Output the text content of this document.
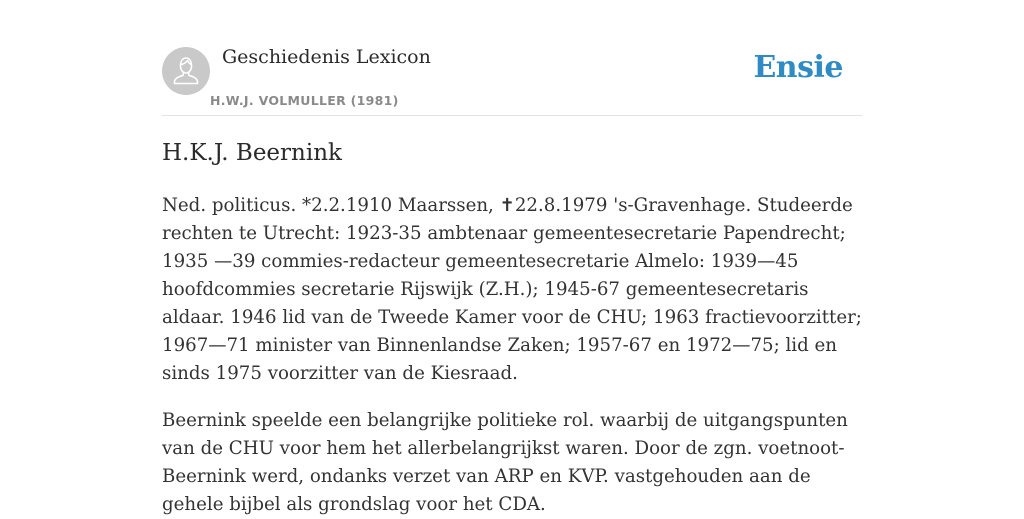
Geschiedenis Lexicon
H.W.J. VOLMULLER (1981)
Ensie
H.K.J. Beernink

Ned. politicus. *2.2.1910 Maarssen, ✝22.8.1979 's-Gravenhage. Studeerde rechten te Utrecht: 1923-35 ambtenaar gemeentesecretarie Papendrecht; 1935 —39 commies-redacteur gemeentesecretarie Almelo: 1939—45 hoofdcommies secretarie Rijswijk (Z.H.); 1945-67 gemeentesecretaris aldaar. 1946 lid van de Tweede Kamer voor de CHU; 1963 fractievoorzitter; 1967—71 minister van Binnenlandse Zaken; 1957-67 en 1972—75; lid en sinds 1975 voorzitter van de Kiesraad.

Beernink speelde een belangrijke politieke rol. waarbij de uitgangspunten van de CHU voor hem het allerbelangrijkst waren. Door de zgn. voetnoot-Beernink werd, ondanks verzet van ARP en KVP. vastgehouden aan de gehele bijbel als grondslag voor het CDA.
